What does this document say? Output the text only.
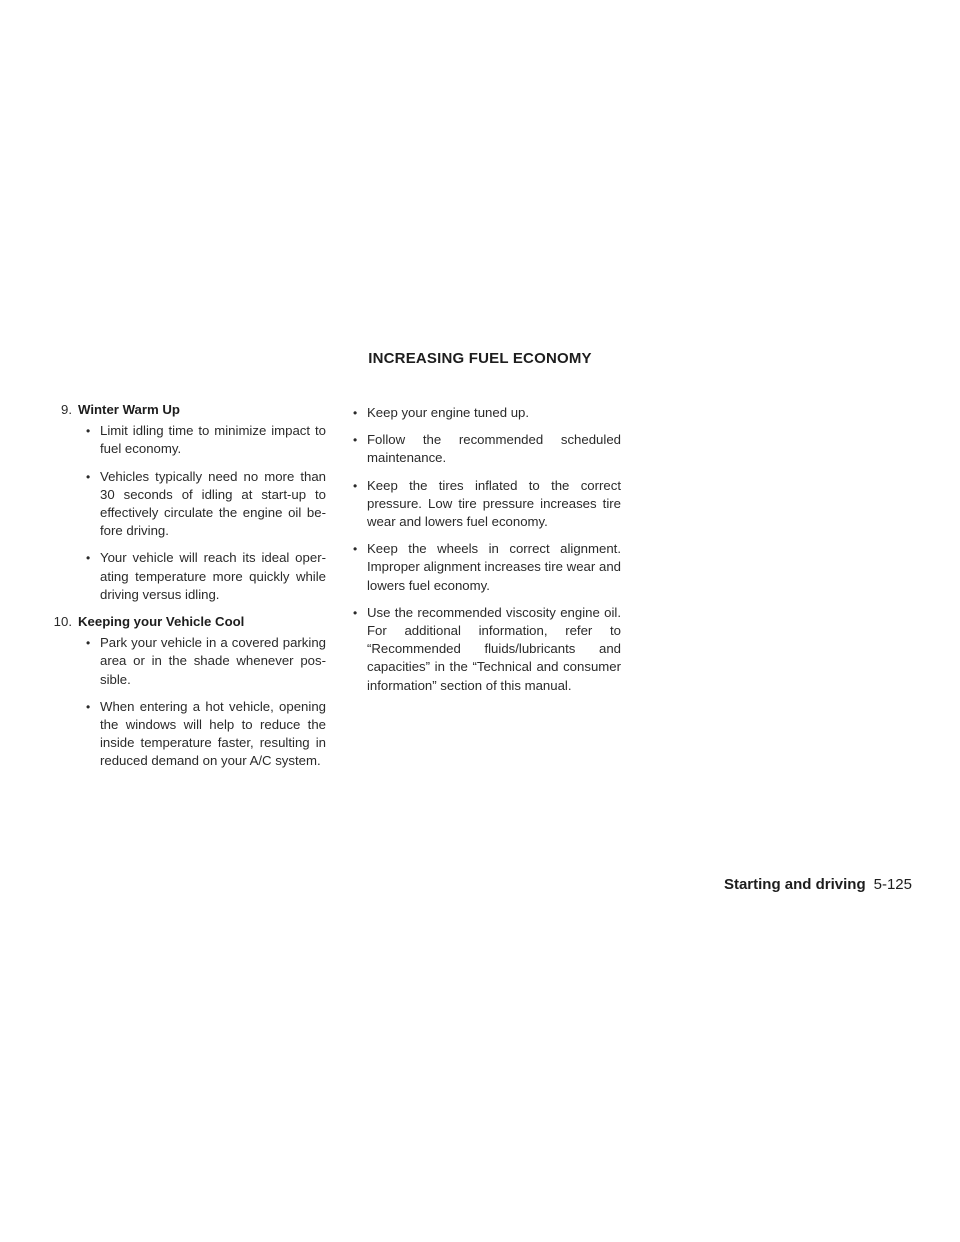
INCREASING FUEL ECONOMY
9. Winter Warm Up
• Limit idling time to minimize impact to fuel economy.
• Vehicles typically need no more than 30 seconds of idling at start-up to effectively circulate the engine oil before driving.
• Your vehicle will reach its ideal operating temperature more quickly while driving versus idling.
10. Keeping your Vehicle Cool
• Park your vehicle in a covered parking area or in the shade whenever possible.
• When entering a hot vehicle, opening the windows will help to reduce the inside temperature faster, resulting in reduced demand on your A/C system.
• Keep your engine tuned up.
• Follow the recommended scheduled maintenance.
• Keep the tires inflated to the correct pressure. Low tire pressure increases tire wear and lowers fuel economy.
• Keep the wheels in correct alignment. Improper alignment increases tire wear and lowers fuel economy.
• Use the recommended viscosity engine oil. For additional information, refer to “Recommended fluids/lubricants and capacities” in the “Technical and consumer information” section of this manual.
Starting and driving 5-125
